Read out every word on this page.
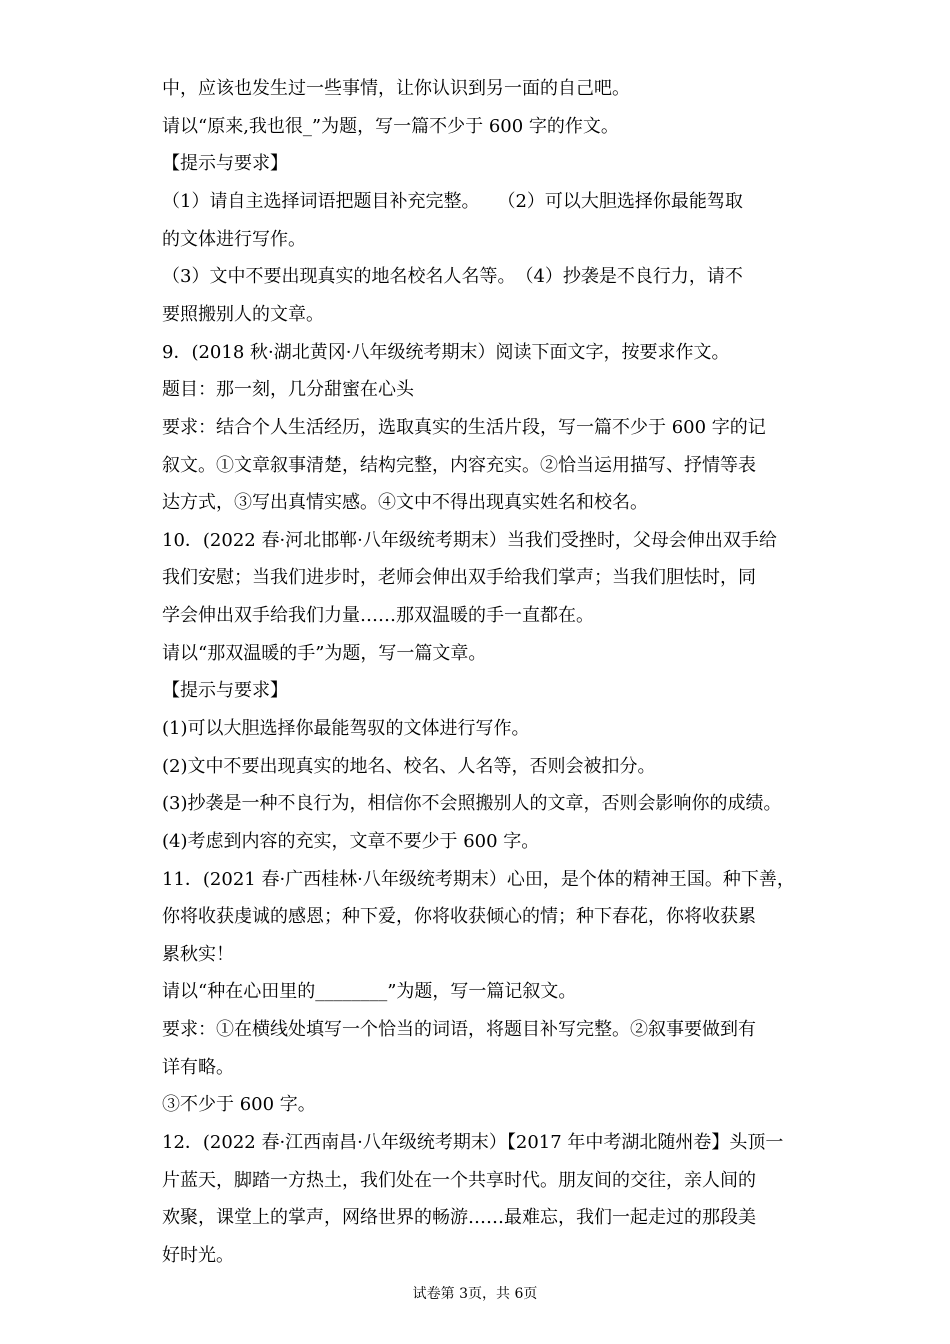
中，应该也发生过一些事情，让你认识到另一面的自己吧。
请以“原来,我也很_”为题，写一篇不少于 600 字的作文。
【提示与要求】
（1）请自主选择词语把题目补充完整。　　（2）可以大胆选择你最能驾取
的文体进行写作。
（3）文中不要出现真实的地名校名人名等。　（4）抄袭是不良行力，请不
要照搬别人的文章。
9．(2018 秋·湖北黄冈·八年级统考期末）阅读下面文字，按要求作文。
题目：那一刻，几分甜蜜在心头
要求：结合个人生活经历，选取真实的生活片段，写一篇不少于 600 字的记
叙文。①文章叙事清楚，结构完整，内容充实。②恰当运用描写、抒情等表
达方式，③写出真情实感。④文中不得出现真实姓名和校名。
10．(2022 春·河北邯郸·八年级统考期末）当我们受挫时，父母会伸出双手给
我们安慰；当我们进步时，老师会伸出双手给我们掌声；当我们胆怯时，同
学会伸出双手给我们力量……那双温暖的手一直都在。
请以“那双温暖的手”为题，写一篇文章。
【提示与要求】
(1)可以大胆选择你最能驾驭的文体进行写作。
(2)文中不要出现真实的地名、校名、人名等，否则会被扣分。
(3)抄袭是一种不良行为，相信你不会照搬别人的文章，否则会影响你的成绩。
(4)考虑到内容的充实，文章不要少于 600 字。
11．(2021 春·广西桂林·八年级统考期末）心田，是个体的精神王国。种下善，
你将收获虔诚的感恩；种下爱，你将收获倾心的情；种下春花，你将收获累
累秋实！
请以“种在心田里的________”为题，写一篇记叙文。
要求：①在横线处填写一个恰当的词语，将题目补写完整。②叙事要做到有
详有略。
③不少于 600 字。
12．(2022 春·江西南昌·八年级统考期末）【2017 年中考湖北随州卷】头顶一
片蓝天，脚踏一方热土，我们处在一个共享时代。朋友间的交往，亲人间的
欢聚，课堂上的掌声，网络世界的畅游……最难忘，我们一起走过的那段美
好时光。
试卷第 3页，共 6页
